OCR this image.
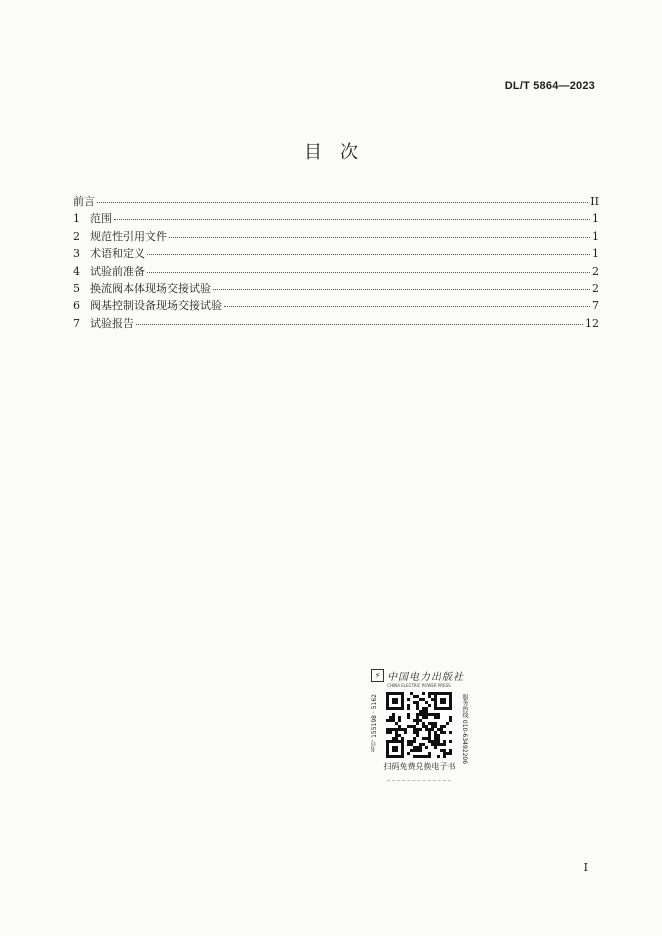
DL/T 5864—2023
目　次
前言	II
1 范围	1
2 规范性引用文件	1
3 术语和定义	1
4 试验前准备	2
5 换流阀本体现场交接试验	2
6 阀基控制设备现场交接试验	7
7 试验报告	12
⚡ 中国电力出版社
CHINA ELECTRIC POWER PRESS
书号 155198 · 5162	服务热线 010-63492206
扫码免费兑换电子书
I
